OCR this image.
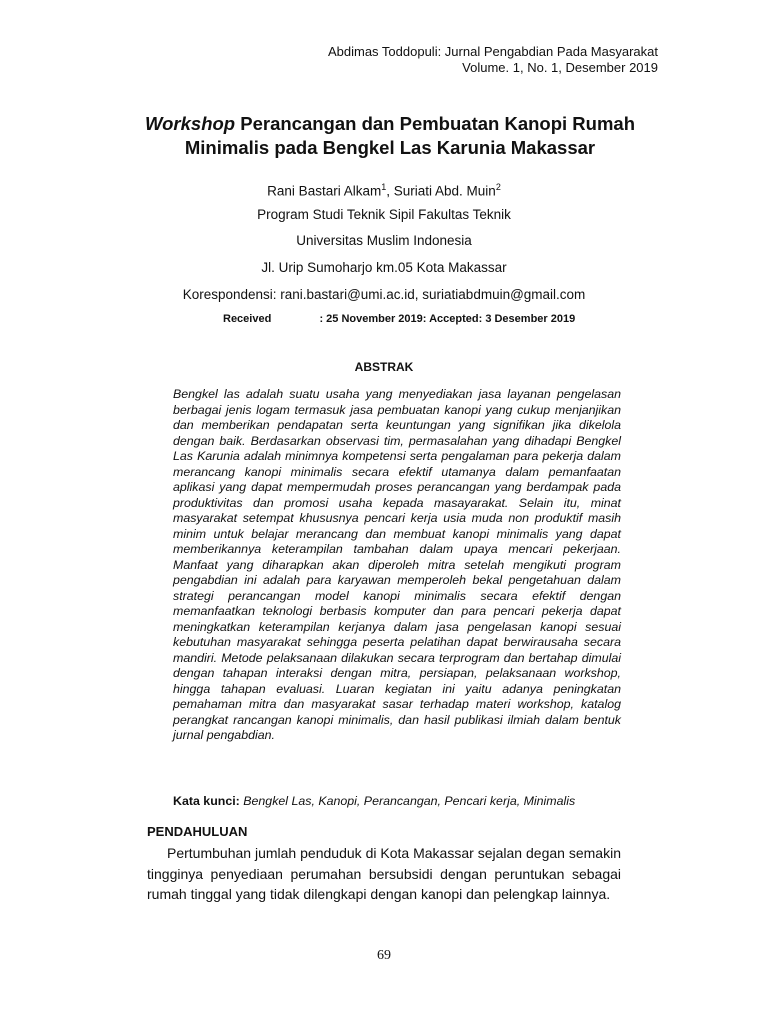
Abdimas Toddopuli: Jurnal Pengabdian Pada Masyarakat
Volume. 1, No. 1, Desember 2019
Workshop Perancangan dan Pembuatan Kanopi Rumah
Minimalis pada Bengkel Las Karunia Makassar
Rani Bastari Alkam$^1$, Suriati Abd. Muin$^2$
Program Studi Teknik Sipil Fakultas Teknik
Universitas Muslim Indonesia
Jl. Urip Sumoharjo km.05 Kota Makassar
Korespondensi: rani.bastari@umi.ac.id, suriatiabdmuin@gmail.com
Received	: 25 November 2019: Accepted: 3 Desember 2019
ABSTRAK
Bengkel las adalah suatu usaha yang menyediakan jasa layanan pengelasan berbagai jenis logam termasuk jasa pembuatan kanopi yang cukup menjanjikan dan memberikan pendapatan serta keuntungan yang signifikan jika dikelola dengan baik. Berdasarkan observasi tim, permasalahan yang dihadapi Bengkel Las Karunia adalah minimnya kompetensi serta pengalaman para pekerja dalam merancang kanopi minimalis secara efektif utamanya dalam pemanfaatan aplikasi yang dapat mempermudah proses perancangan yang berdampak pada produktivitas dan promosi usaha kepada masayarakat. Selain itu, minat masyarakat setempat khususnya pencari kerja usia muda non produktif masih minim untuk belajar merancang dan membuat kanopi minimalis yang dapat memberikannya keterampilan tambahan dalam upaya mencari pekerjaan. Manfaat yang diharapkan akan diperoleh mitra setelah mengikuti program pengabdian ini adalah para karyawan memperoleh bekal pengetahuan dalam strategi perancangan model kanopi minimalis secara efektif dengan memanfaatkan teknologi berbasis komputer dan para pencari pekerja dapat meningkatkan keterampilan kerjanya dalam jasa pengelasan kanopi sesuai kebutuhan masyarakat sehingga peserta pelatihan dapat berwirausaha secara mandiri. Metode pelaksanaan dilakukan secara terprogram dan bertahap dimulai dengan tahapan interaksi dengan mitra, persiapan, pelaksanaan workshop, hingga tahapan evaluasi. Luaran kegiatan ini yaitu adanya peningkatan pemahaman mitra dan masyarakat sasar terhadap materi workshop, katalog perangkat rancangan kanopi minimalis, dan hasil publikasi ilmiah dalam bentuk jurnal pengabdian.
Kata kunci: Bengkel Las, Kanopi, Perancangan, Pencari kerja, Minimalis
PENDAHULUAN
Pertumbuhan jumlah penduduk di Kota Makassar sejalan degan semakin tingginya penyediaan perumahan bersubsidi dengan peruntukan sebagai rumah tinggal yang tidak dilengkapi dengan kanopi dan pelengkap lainnya.
69
